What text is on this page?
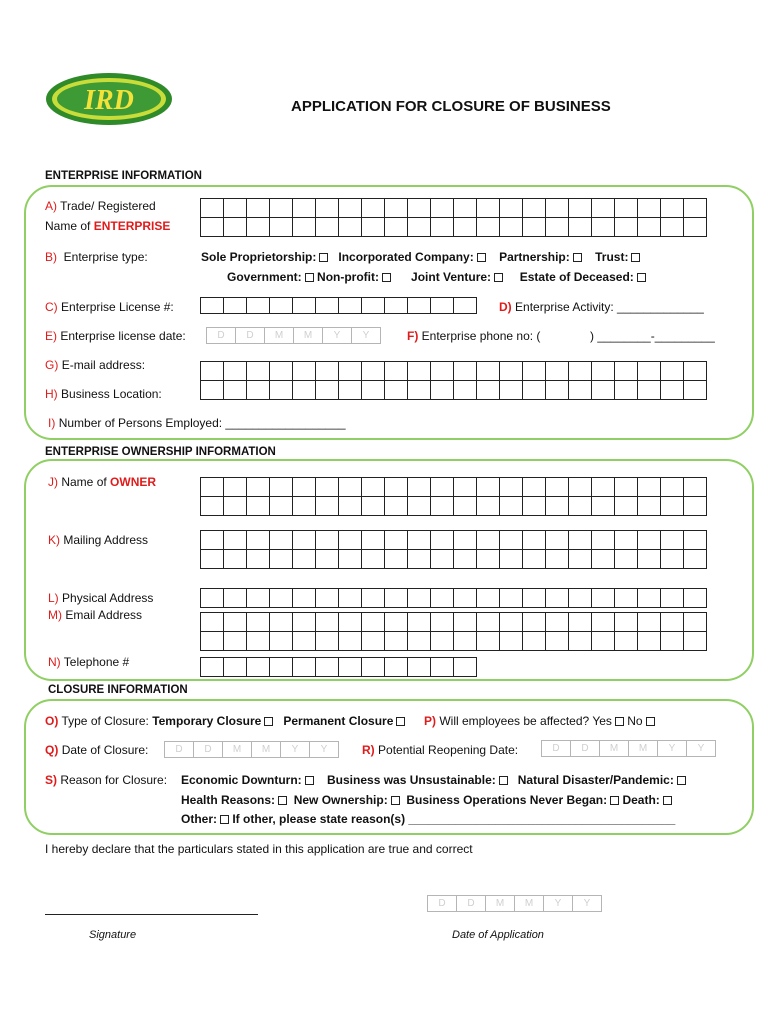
IRD	APPLICATION FOR CLOSURE OF BUSINESS
ENTERPRISE INFORMATION
A) Trade/ Registered
Name of ENTERPRISE
B) Enterprise type:	Sole Proprietorship: Incorporated Company: Partnership: Trust:
Government: Non-profit:	Joint Venture: Estate of Deceased:
C) Enterprise License #:	D) Enterprise Activity: _____________
E) Enterprise license date:	D	D	M	M	Y	Y	F) Enterprise phone no: (	) ________-_________
G) E-mail address:
H) Business Location:
I) Number of Persons Employed: __________________
ENTERPRISE OWNERSHIP INFORMATION
J) Name of OWNER
K) Mailing Address
L) Physical Address
M) Email Address
N) Telephone #
CLOSURE INFORMATION
O) Type of Closure: Temporary Closure Permanent Closure	P) Will employees be affected? Yes No
Q) Date of Closure:	D	D	M	M	Y	Y	R) Potential Reopening Date:	D	D	M	M	Y	Y
S) Reason for Closure: Economic Downturn: Business was Unsustainable: Natural Disaster/Pandemic:
Health Reasons: New Ownership: Business Operations Never Began: Death:
Other: If other, please state reason(s) ________________________________________
I hereby declare that the particulars stated in this application are true and correct
D	D	M	M	Y	Y
Signature	Date of Application
